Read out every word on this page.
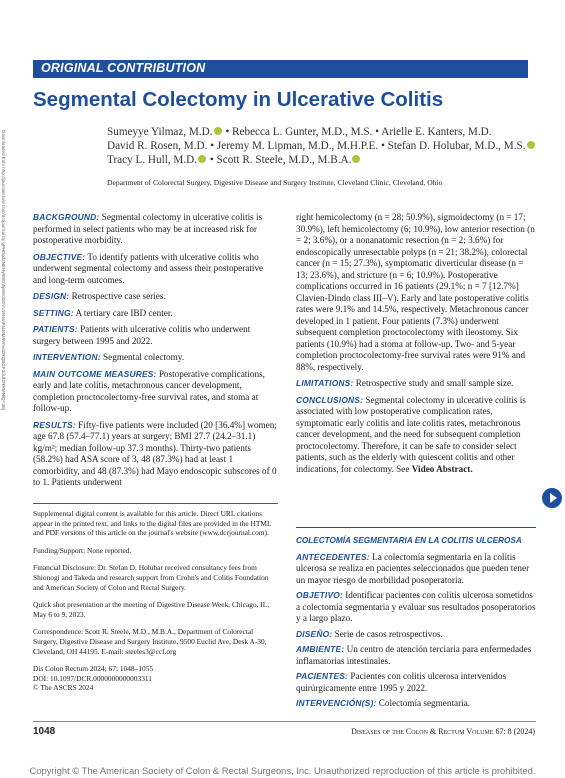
ORIGINAL CONTRIBUTION
Segmental Colectomy in Ulcerative Colitis
Sumeyye Yilmaz, M.D. • Rebecca L. Gunter, M.D., M.S. • Arielle E. Kanters, M.D.
David R. Rosen, M.D. • Jeremy M. Lipman, M.D., M.H.P.E. • Stefan D. Holubar, M.D., M.S.
Tracy L. Hull, M.D. • Scott R. Steele, M.D., M.B.A.
Department of Colorectal Surgery, Digestive Disease and Surgery Institute, Cleveland Clinic, Cleveland, Ohio
Downloaded from http://journals.lww.com/dcrjournal by gPH0qdZNfrHy8SEnhj8Wol1EVUzR4mFNJ9M8WIvdZRQBGF3dUfZRRMNlQY3Ej	BACKGROUND: Segmental colectomy in ulcerative colitis is performed in select patients who may be at increased risk for postoperative morbidity.

OBJECTIVE: To identify patients with ulcerative colitis who underwent segmental colectomy and assess their postoperative and long-term outcomes.

DESIGN: Retrospective case series.

SETTING: A tertiary care IBD center.

PATIENTS: Patients with ulcerative colitis who underwent surgery between 1995 and 2022.

INTERVENTION: Segmental colectomy.

MAIN OUTCOME MEASURES: Postoperative complications, early and late colitis, metachronous cancer development, completion proctocolectomy-free survival rates, and stoma at follow-up.

RESULTS: Fifty-five patients were included (20 [36.4%] women; age 67.8 (57.4–77.1) years at surgery; BMI 27.7 (24.2–31.1) kg/m²; median follow-up 37.3 months). Thirty-two patients (58.2%) had ASA score of 3, 48 (87.3%) had at least 1 comorbidity, and 48 (87.3%) had Mayo endoscopic subscores of 0 to 1. Patients underwent

right hemicolectomy (n = 28; 50.9%), sigmoidectomy (n = 17; 30.9%), left hemicolectomy (6; 10.9%), low anterior resection (n = 2; 3.6%), or a nonanatomic resection (n = 2; 3.6%) for endoscopically unresectable polyps (n = 21; 38.2%), colorectal cancer (n = 15; 27.3%), symptomatic diverticular disease (n = 13; 23.6%), and stricture (n = 6; 10.9%). Postoperative complications occurred in 16 patients (29.1%; n = 7 [12.7%] Clavien-Dindo class III–V). Early and late postoperative colitis rates were 9.1% and 14.5%, respectively. Metachronous cancer developed in 1 patient. Four patients (7.3%) underwent subsequent completion proctocolectomy with ileostomy. Six patients (10.9%) had a stoma at follow-up. Two- and 5-year completion proctocolectomy-free survival rates were 91% and 88%, respectively.

LIMITATIONS: Retrospective study and small sample size.

CONCLUSIONS: Segmental colectomy in ulcerative colitis is associated with low postoperative complication rates, symptomatic early colitis and late colitis rates, metachronous cancer development, and the need for subsequent completion proctocolectomy. Therefore, it can be safe to consider select patients, such as the elderly with quiescent colitis and other indications, for colectomy. See Video Abstract.

Supplemental digital content is available for this article. Direct URL citations appear in the printed text, and links to the digital files are provided in the HTML and PDF versions of this article on the journal's website (www.dcrjournal.com).

Funding/Support: None reported.

Financial Disclosure: Dr. Stefan D. Holubar received consultancy fees from Shionogi and Takeda and research support from Crohn's and Colitis Foundation and American Society of Colon and Rectal Surgery.

Quick shot presentation at the meeting of Digestive Disease Week, Chicago, IL, May 6 to 9, 2023.

Correspondence: Scott R. Steele, M.D., M.B.A., Department of Colorectal Surgery, Digestive Disease and Surgery Institute, 9500 Euclid Ave, Desk A-30, Cleveland, OH 44195. E-mail: steeles3@ccf.org

Dis Colon Rectum 2024; 67: 1048–1055
DOI: 10.1097/DCR.0000000000003311
© The ASCRS 2024

COLECTOMÍA SEGMENTARIA EN LA COLITIS ULCEROSA

ANTECEDENTES: La colectomía segmentaria en la colitis ulcerosa se realiza en pacientes seleccionados que pueden tener un mayor riesgo de morbilidad posoperatoria.

OBJETIVO: Identificar pacientes con colitis ulcerosa sometidos a colectomía segmentaria y evaluar sus resultados posoperatorios y a largo plazo.

DISEÑO: Serie de casos retrospectivos.

AMBIENTE: Un centro de atención terciaria para enfermedades inflamatorias intestinales.

PACIENTES: Pacientes con colitis ulcerosa intervenidos quirúrgicamente entre 1995 y 2022.

INTERVENCIÓN(S): Colectomía segmentaria.

1048	Diseases of the Colon & Rectum Volume 67: 8 (2024)
Copyright © The American Society of Colon & Rectal Surgeons, Inc. Unauthorized reproduction of this article is prohibited.
